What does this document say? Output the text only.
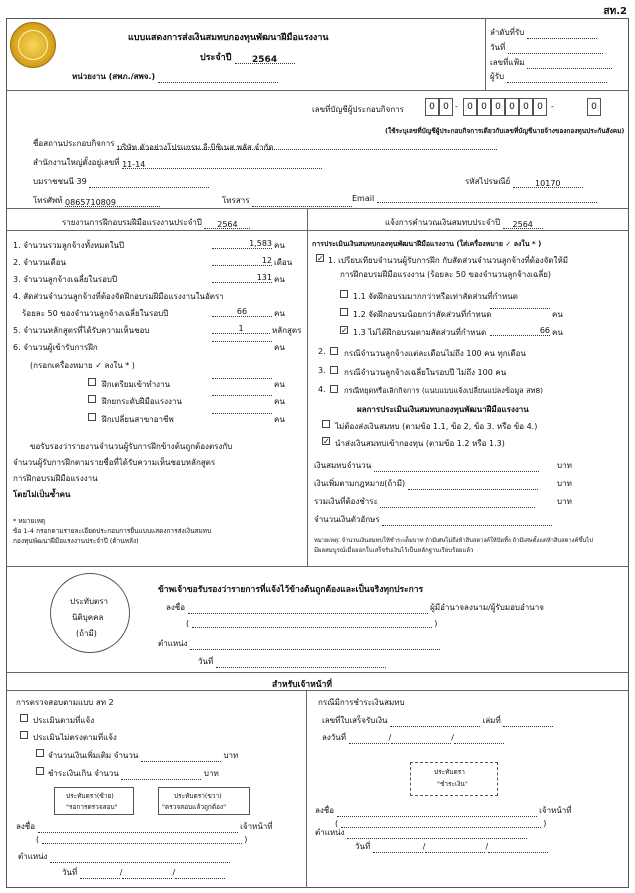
สท.2
แบบแสดงการส่งเงินสมทบกองทุนพัฒนาฝีมือแรงงาน
ประจำปี 2564
หน่วยงาน (สพภ./สพจ.)
ลำดับที่รับ
วันที่
เลขที่แฟ้ม
ผู้รับ
เลขที่บัญชีผู้ประกอบกิจการ	0 0 -	0 0 0 0 0 0	-	0
(ใช้ระบุเลขที่บัญชีผู้ประกอบกิจการเดียวกับเลขที่บัญชีนายจ้างของกองทุนประกันสังคม)
ชื่อสถานประกอบกิจการ บริษัท ตัวอย่างโปรแกรม อี-บิซิเนส พลัส จำกัด
สำนักงานใหญ่ตั้งอยู่เลขที่ 11-14
บมราชชนนี 39	รหัสไปรษณีย์	10170
โทรศัพท์ 0865710809	โทรสาร	Email
รายงานการฝึกอบรมฝีมือแรงงานประจำปี 2564	แจ้งการคำนวณเงินสมทบประจำปี 2564
1. จำนวนรวมลูกจ้างทั้งหมดในปี	1,583 คน
2. จำนวนเดือน	12 เดือน
3. จำนวนลูกจ้างเฉลี่ยในรอบปี	131 คน
4. สัดส่วนจำนวนลูกจ้างที่ต้องจัดฝึกอบรมฝีมือแรงงานในอัตรา
ร้อยละ 50 ของจำนวนลูกจ้างเฉลี่ยในรอบปี	66	คน
5. จำนวนหลักสูตรที่ได้รับความเห็นชอบ	1	หลักสูตร
6. จำนวนผู้เข้ารับการฝึก	คน
(กรอกเครื่องหมาย ✓ ลงใน * )
ฝึกเตรียมเข้าทำงาน	คน
ฝึกยกระดับฝีมือแรงงาน	คน
ฝึกเปลี่ยนสาขาอาชีพ	คน
ขอรับรองว่ารายงานจำนวนผู้รับการฝึกข้างต้นถูกต้องตรงกับ
จำนวนผู้รับการฝึกตามรายชื่อที่ได้รับความเห็นชอบหลักสูตร
การฝึกอบรมฝีมือแรงงาน
โดยไม่เป็นซ้ำคน
* หมายเหตุ
ข้อ 1-4 กรอกตามรายละเอียดประกอบการยื่นแบบแสดงการส่งเงินสมทบ
กองทุนพัฒนาฝีมือแรงงานประจำปี (ด้านหลัง)
การประเมินเงินสมทบกองทุนพัฒนาฝีมือแรงงาน (ใส่เครื่องหมาย ✓ ลงใน * )
✓ 1. เปรียบเทียบจำนวนผู้รับการฝึก กับสัดส่วนจำนวนลูกจ้างที่ต้องจัดให้มี
การฝึกอบรมฝีมือแรงงาน (ร้อยละ 50 ของจำนวนลูกจ้างเฉลี่ย)
1.1 จัดฝึกอบรมมากกว่าหรือเท่าสัดส่วนที่กำหนด
1.2 จัดฝึกอบรมน้อยกว่าสัดส่วนที่กำหนด	คน
✓ 1.3 ไม่ได้ฝึกอบรมตามสัดส่วนที่กำหนด	66 คน
2. กรณีจำนวนลูกจ้างแต่ละเดือนไม่ถึง 100 คน ทุกเดือน
3. กรณีจำนวนลูกจ้างเฉลี่ยในรอบปี ไม่ถึง 100 คน
4. กรณีหยุดหรือเลิกกิจการ (แนบแบบแจ้งเปลี่ยนแปลงข้อมูล สท8)
ผลการประเมินเงินสมทบกองทุนพัฒนาฝีมือแรงงาน
ไม่ต้องส่งเงินสมทบ (ตามข้อ 1.1, ข้อ 2, ข้อ 3. หรือ ข้อ 4.)
✓ นำส่งเงินสมทบเข้ากองทุน (ตามข้อ 1.2 หรือ 1.3)
เงินสมทบจำนวน	บาท
เงินเพิ่มตามกฎหมาย(ถ้ามี)	บาท
รวมเงินที่ต้องชำระ	บาท
จำนวนเงินตัวอักษร
หมายเหตุ: จำนวนเงินสมทบให้ชำระเต็มบาท ถ้ามีเศษไม่ถึงห้าสิบสตางค์ให้ปัดทิ้ง ถ้ามีเศษตั้งแต่ห้าสิบสตางค์ขึ้นไป
มีผลสมบูรณ์เมื่อออกใบเสร็จรับเงินไว้เป็นหลักฐานเรียบร้อยแล้ว
ประทับตรา
นิติบุคคล
(ถ้ามี)
ข้าพเจ้าขอรับรองว่ารายการที่แจ้งไว้ข้างต้นถูกต้องและเป็นจริงทุกประการ
ลงชื่อ	ผู้มีอำนาจลงนาม/ผู้รับมอบอำนาจ
(	)
ตำแหน่ง
วันที่
สำหรับเจ้าหน้าที่
การตรวจสอบตามแบบ สท 2
ประเมินตามที่แจ้ง
ประเมินไม่ตรงตามที่แจ้ง
จำนวนเงินเพิ่มเติม จำนวน	บาท
ชำระเงินเกิน จำนวน	บาท
ประทับตรา(ซ้าย)
"รอการตรวจสอบ"
ประทับตรา(ขวา)
"ตรวจสอบแล้วถูกต้อง"
ลงชื่อ	เจ้าหน้าที่
(	)
ตำแหน่ง
วันที่	/	/
กรณีมีการชำระเงินสมทบ
เลขที่ใบเสร็จรับเงิน	เล่มที่
ลงวันที่	/	/
ประทับตรา
"ชำระเงิน"
ลงชื่อ	เจ้าหน้าที่
(	)
ตำแหน่ง
วันที่	/	/
